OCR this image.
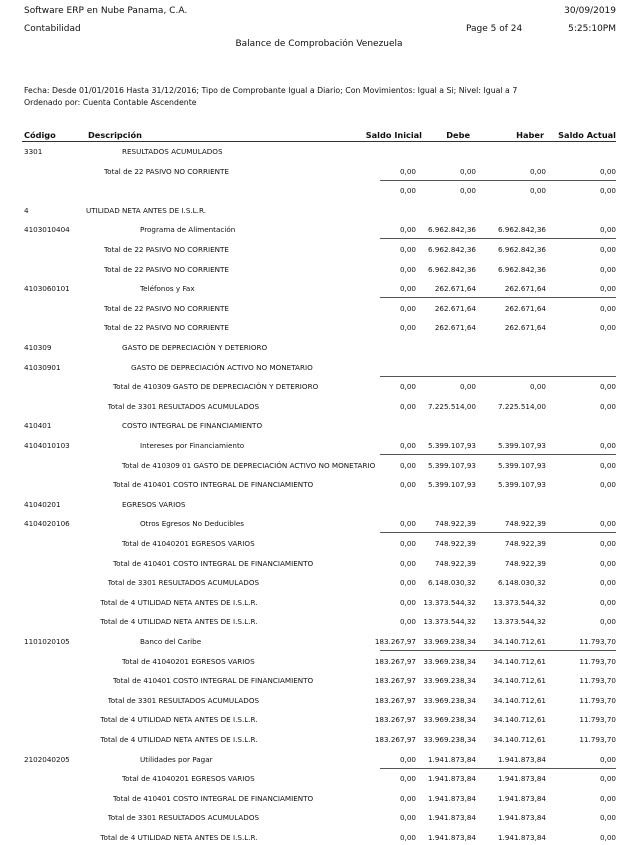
Software ERP en Nube Panama, C.A.	30/09/2019
Contabilidad	Page 5 of 24	5:25:10PM
Balance de Comprobación Venezuela
Fecha: Desde 01/01/2016 Hasta 31/12/2016; Tipo de Comprobante Igual a Diario; Con Movimientos: Igual a Si; Nivel: Igual a 7
Ordenado por: Cuenta Contable Ascendente
Código	Descripción	Saldo Inicial	Debe	Haber Saldo Actual
3301	RESULTADOS ACUMULADOS
Total de 22 PASIVO NO CORRIENTE	0,00	0,00	0,00	0,00
0,00	0,00	0,00	0,00
4	UTILIDAD NETA ANTES DE I.S.L.R.
4103010404	Programa de Alimentación	0,00 6.962.842,36	6.962.842,36	0,00
Total de 22 PASIVO NO CORRIENTE	0,00 6.962.842,36	6.962.842,36	0,00
Total de 22 PASIVO NO CORRIENTE	0,00 6.962.842,36	6.962.842,36	0,00
4103060101	Teléfonos y Fax	0,00	262.671,64	262.671,64	0,00
Total de 22 PASIVO NO CORRIENTE	0,00	262.671,64	262.671,64	0,00
Total de 22 PASIVO NO CORRIENTE	0,00	262.671,64	262.671,64	0,00
410309	GASTO DE DEPRECIACIÓN Y DETERIORO
41030901	GASTO DE DEPRECIACIÓN ACTIVO NO MONETARIO
Total de 410309 GASTO DE DEPRECIACIÓN Y DETERIORO	0,00	0,00	0,00	0,00
Total de 3301 RESULTADOS ACUMULADOS	0,00 7.225.514,00	7.225.514,00	0,00
410401	COSTO INTEGRAL DE FINANCIAMIENTO
4104010103	Intereses por Financiamiento	0,00 5.399.107,93	5.399.107,93	0,00
Total de 410309 01 GASTO DE DEPRECIACIÓN ACTIVO NO MONETARIO	0,00 5.399.107,93	5.399.107,93	0,00
Total de 410401 COSTO INTEGRAL DE FINANCIAMIENTO	0,00 5.399.107,93	5.399.107,93	0,00
41040201	EGRESOS VARIOS
4104020106	Otros Egresos No Deducibles	0,00	748.922,39	748.922,39	0,00
Total de 41040201 EGRESOS VARIOS	0,00	748.922,39	748.922,39	0,00
Total de 410401 COSTO INTEGRAL DE FINANCIAMIENTO	0,00	748.922,39	748.922,39	0,00
Total de 3301 RESULTADOS ACUMULADOS	0,00 6.148.030,32	6.148.030,32	0,00
Total de 4 UTILIDAD NETA ANTES DE I.S.L.R.	0,00 13.373.544,32 13.373.544,32	0,00
Total de 4 UTILIDAD NETA ANTES DE I.S.L.R.	0,00 13.373.544,32 13.373.544,32	0,00
1101020105	Banco del Caribe	183.267,97 33.969.238,34 34.140.712,61	11.793,70
Total de 41040201 EGRESOS VARIOS	183.267,97 33.969.238,34 34.140.712,61	11.793,70
Total de 410401 COSTO INTEGRAL DE FINANCIAMIENTO	183.267,97 33.969.238,34 34.140.712,61	11.793,70
Total de 3301 RESULTADOS ACUMULADOS	183.267,97 33.969.238,34 34.140.712,61	11.793,70
Total de 4 UTILIDAD NETA ANTES DE I.S.L.R.	183.267,97 33.969.238,34 34.140.712,61	11.793,70
Total de 4 UTILIDAD NETA ANTES DE I.S.L.R.	183.267,97 33.969.238,34 34.140.712,61	11.793,70
2102040205	Utilidades por Pagar	0,00 1.941.873,84	1.941.873,84	0,00
Total de 41040201 EGRESOS VARIOS	0,00 1.941.873,84	1.941.873,84	0,00
Total de 410401 COSTO INTEGRAL DE FINANCIAMIENTO	0,00 1.941.873,84	1.941.873,84	0,00
Total de 3301 RESULTADOS ACUMULADOS	0,00 1.941.873,84	1.941.873,84	0,00
Total de 4 UTILIDAD NETA ANTES DE I.S.L.R.	0,00 1.941.873,84	1.941.873,84	0,00
